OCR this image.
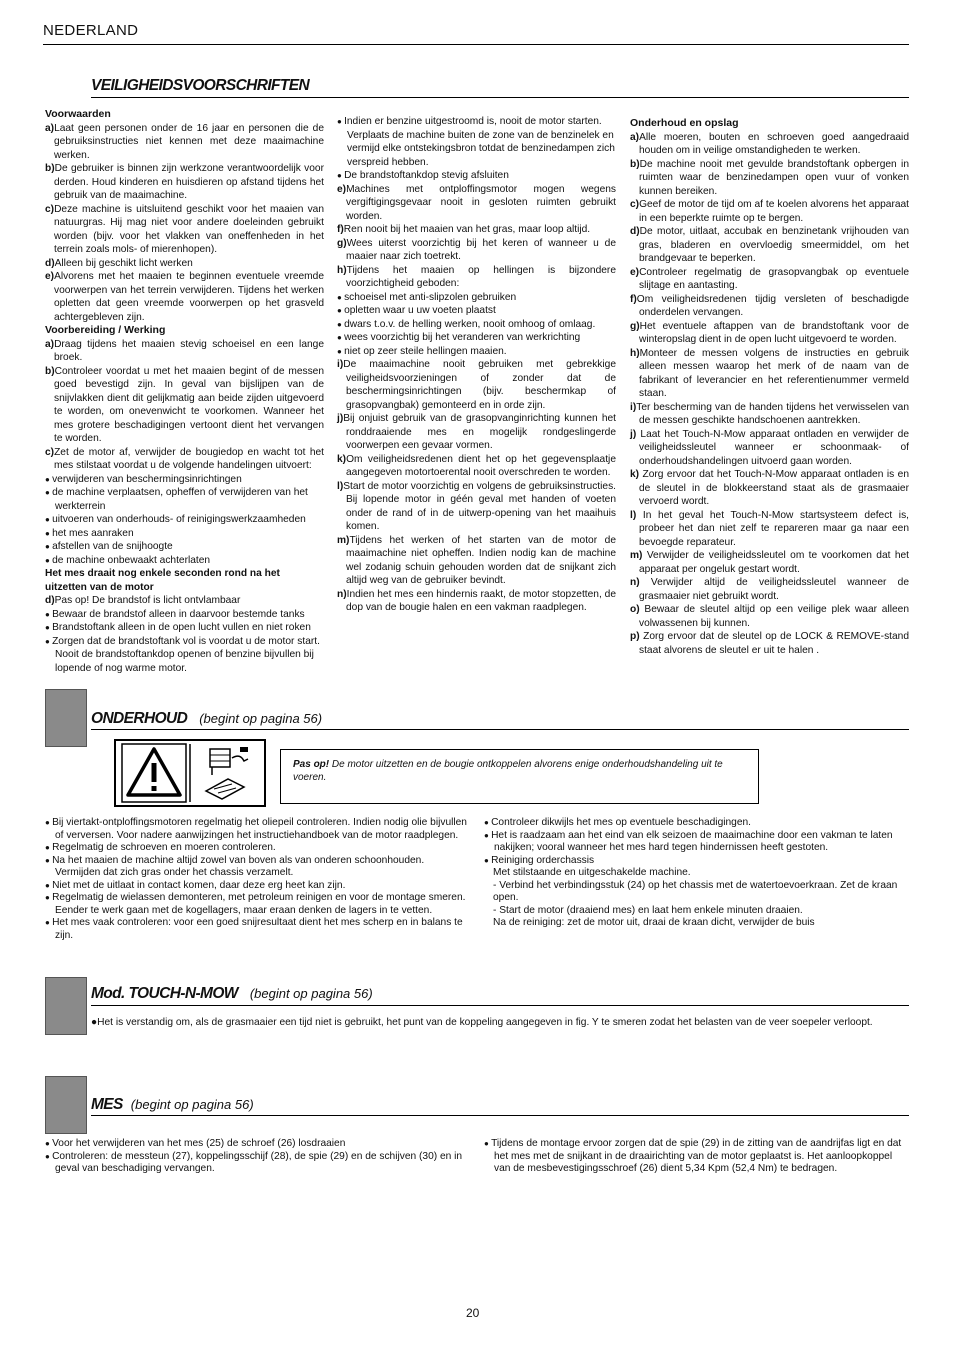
NEDERLAND
VEILIGHEIDSVOORSCHRIFTEN

Voorwaarden

a)Laat geen personen onder de 16 jaar en personen die de gebruiksinstructies niet kennen met deze maaimachine werken.

b)De gebruiker is binnen zijn werkzone verantwoordelijk voor derden. Houd kinderen en huisdieren op afstand tijdens het gebruik van de maaimachine.

c)Deze machine is uitsluitend geschikt voor het maaien van natuurgras. Hij mag niet voor andere doeleinden gebruikt worden (bijv. voor het vlakken van oneffenheden in het terrein zoals mols- of mierenhopen).

d)Alleen bij geschikt licht werken

e)Alvorens met het maaien te beginnen eventuele vreemde voorwerpen van het terrein verwijderen. Tijdens het werken opletten dat geen vreemde voorwerpen op het grasveld achtergebleven zijn.

Voorbereiding / Werking

a)Draag tijdens het maaien stevig schoeisel en een lange broek.

b)Controleer voordat u met het maaien begint of de messen goed bevestigd zijn. In geval van bijslijpen van de snijvlakken dient dit gelijkmatig aan beide zijden uitgevoerd te worden, om onevenwicht te voorkomen. Wanneer het mes grotere beschadigingen vertoont dient het vervangen te worden.

c)Zet de motor af, verwijder de bougiedop en wacht tot het mes stilstaat voordat u de volgende handelingen uitvoert:

● verwijderen van beschermingsinrichtingen

● de machine verplaatsen, opheffen of verwijderen van het werkterrein

● uitvoeren van onderhouds- of reinigingswerkzaamheden

● het mes aanraken

● afstellen van de snijhoogte

● de machine onbewaakt achterlaten

Het mes draait nog enkele seconden rond na het uitzetten van de motor

d)Pas op! De brandstof is licht ontvlambaar

● Bewaar de brandstof alleen in daarvoor bestemde tanks

● Brandstoftank alleen in de open lucht vullen en niet roken

● Zorgen dat de brandstoftank vol is voordat u de motor start. Nooit de brandstoftankdop openen of benzine bijvullen bij lopende of nog warme motor.

● Indien er benzine uitgestroomd is, nooit de motor starten. Verplaats de machine buiten de zone van de benzinelek en vermijd elke ontstekingsbron totdat de benzinedampen zich verspreid hebben.

● De brandstoftankdop stevig afsluiten

e)Machines met ontploffingsmotor mogen wegens vergiftigingsgevaar nooit in gesloten ruimten gebruikt worden.

f)Ren nooit bij het maaien van het gras, maar loop altijd.

g)Wees uiterst voorzichtig bij het keren of wanneer u de maaier naar zich toetrekt.

h)Tijdens het maaien op hellingen is bijzondere voorzichtigheid geboden:

● schoeisel met anti-slipzolen gebruiken

● opletten waar u uw voeten plaatst

● dwars t.o.v. de helling werken, nooit omhoog of omlaag.

● wees voorzichtig bij het veranderen van werkrichting

● niet op zeer steile hellingen maaien.

i)De maaimachine nooit gebruiken met gebrekkige veiligheidsvoorzieningen of zonder dat de beschermingsinrichtingen (bijv. beschermkap of grasopvangbak) gemonteerd en in orde zijn.

j)Bij onjuist gebruik van de grasopvanginrichting kunnen het ronddraaiende mes en mogelijk rondgeslingerde voorwerpen een gevaar vormen.

k)Om veiligheidsredenen dient het op het gegevensplaatje aangegeven motortoerental nooit overschreden te worden.

l)Start de motor voorzichtig en volgens de gebruiksinstructies. Bij lopende motor in géén geval met handen of voeten onder de rand of in de uitwerp-opening van het maaihuis komen.

m)Tijdens het werken of het starten van de motor de maaimachine niet opheffen. Indien nodig kan de machine wel zodanig schuin gehouden worden dat de snijkant zich altijd weg van de gebruiker bevindt.

n)Indien het mes een hindernis raakt, de motor stopzetten, de dop van de bougie halen en een vakman raadplegen.

Onderhoud en opslag

a)Alle moeren, bouten en schroeven goed aangedraaid houden om in veilige omstandigheden te werken.

b)De machine nooit met gevulde brandstoftank opbergen in ruimten waar de benzinedampen open vuur of vonken kunnen bereiken.

c)Geef de motor de tijd om af te koelen alvorens het apparaat in een beperkte ruimte op te bergen.

d)De motor, uitlaat, accubak en benzinetank vrijhouden van gras, bladeren en overvloedig smeermiddel, om het brandgevaar te beperken.

e)Controleer regelmatig de grasopvangbak op eventuele slijtage en aantasting.

f)Om veiligheidsredenen tijdig versleten of beschadigde onderdelen vervangen.

g)Het eventuele aftappen van de brandstoftank voor de winteropslag dient in de open lucht uitgevoerd te worden.

h)Monteer de messen volgens de instructies en gebruik alleen messen waarop het merk of de naam van de fabrikant of leverancier en het referentienummer vermeld staan.

i)Ter bescherming van de handen tijdens het verwisselen van de messen geschikte handschoenen aantrekken.

j) Laat het Touch-N-Mow apparaat ontladen en verwijder de veiligheidssleutel wanneer er schoonmaak- of onderhoudshandelingen uitvoerd gaan worden.

k) Zorg ervoor dat het Touch-N-Mow apparaat ontladen is en de sleutel in de blokkeerstand staat als de grasmaaier vervoerd wordt.

l) In het geval het Touch-N-Mow startsysteem defect is, probeer het dan niet zelf te repareren maar ga naar een bevoegde reparateur.

m) Verwijder de veiligheidssleutel om te voorkomen dat het apparaat per ongeluk gestart wordt.

n) Verwijder altijd de veiligheidssleutel wanneer de grasmaaier niet gebruikt wordt.

o) Bewaar de sleutel altijd op een veilige plek waar alleen volwassenen bij kunnen.

p) Zorg ervoor dat de sleutel op de LOCK & REMOVE-stand staat alvorens de sleutel er uit te halen .

ONDERHOUD (begint op pagina 56)
Pas op! De motor uitzetten en de bougie ontkoppelen alvorens enige onderhoudshandeling uit te voeren.

● Bij viertakt-ontploffingsmotoren regelmatig het oliepeil controleren. Indien nodig olie bijvullen of verversen. Voor nadere aanwijzingen het instructiehandboek van de motor raadplegen.

● Regelmatig de schroeven en moeren controleren.

● Na het maaien de machine altijd zowel van boven als van onderen schoonhouden. Vermijden dat zich gras onder het chassis verzamelt.

● Niet met de uitlaat in contact komen, daar deze erg heet kan zijn.

● Regelmatig de wielassen demonteren, met petroleum reinigen en voor de montage smeren. Eender te werk gaan met de kogellagers, maar eraan denken de lagers in te vetten.

● Het mes vaak controleren: voor een goed snijresultaat dient het mes scherp en in balans te zijn.

● Controleer dikwijls het mes op eventuele beschadigingen.

● Het is raadzaam aan het eind van elk seizoen de maaimachine door een vakman te laten nakijken; vooral wanneer het mes hard tegen hindernissen heeft gestoten.

● Reiniging orderchassis

Met stilstaande en uitgeschakelde machine.

- Verbind het verbindingsstuk (24) op het chassis met de watertoevoerkraan. Zet de kraan open.

- Start de motor (draaiend mes) en laat hem enkele minuten draaien.

Na de reiniging: zet de motor uit, draai de kraan dicht, verwijder de buis

Mod. TOUCH-N-MOW (begint op pagina 56)
●Het is verstandig om, als de grasmaaier een tijd niet is gebruikt, het punt van de koppeling aangegeven in fig. Y te smeren zodat het belasten van de veer soepeler verloopt.
MES (begint op pagina 56)

● Voor het verwijderen van het mes (25) de schroef (26) losdraaien

● Controleren: de messteun (27), koppelingsschijf (28), de spie (29) en de schijven (30) en in geval van beschadiging vervangen.

● Tijdens de montage ervoor zorgen dat de spie (29) in de zitting van de aandrijfas ligt en dat het mes met de snijkant in de draairichting van de motor geplaatst is. Het aanloopkoppel van de mesbevestigingsschroef (26) dient 5,34 Kpm (52,4 Nm) te bedragen.

20
